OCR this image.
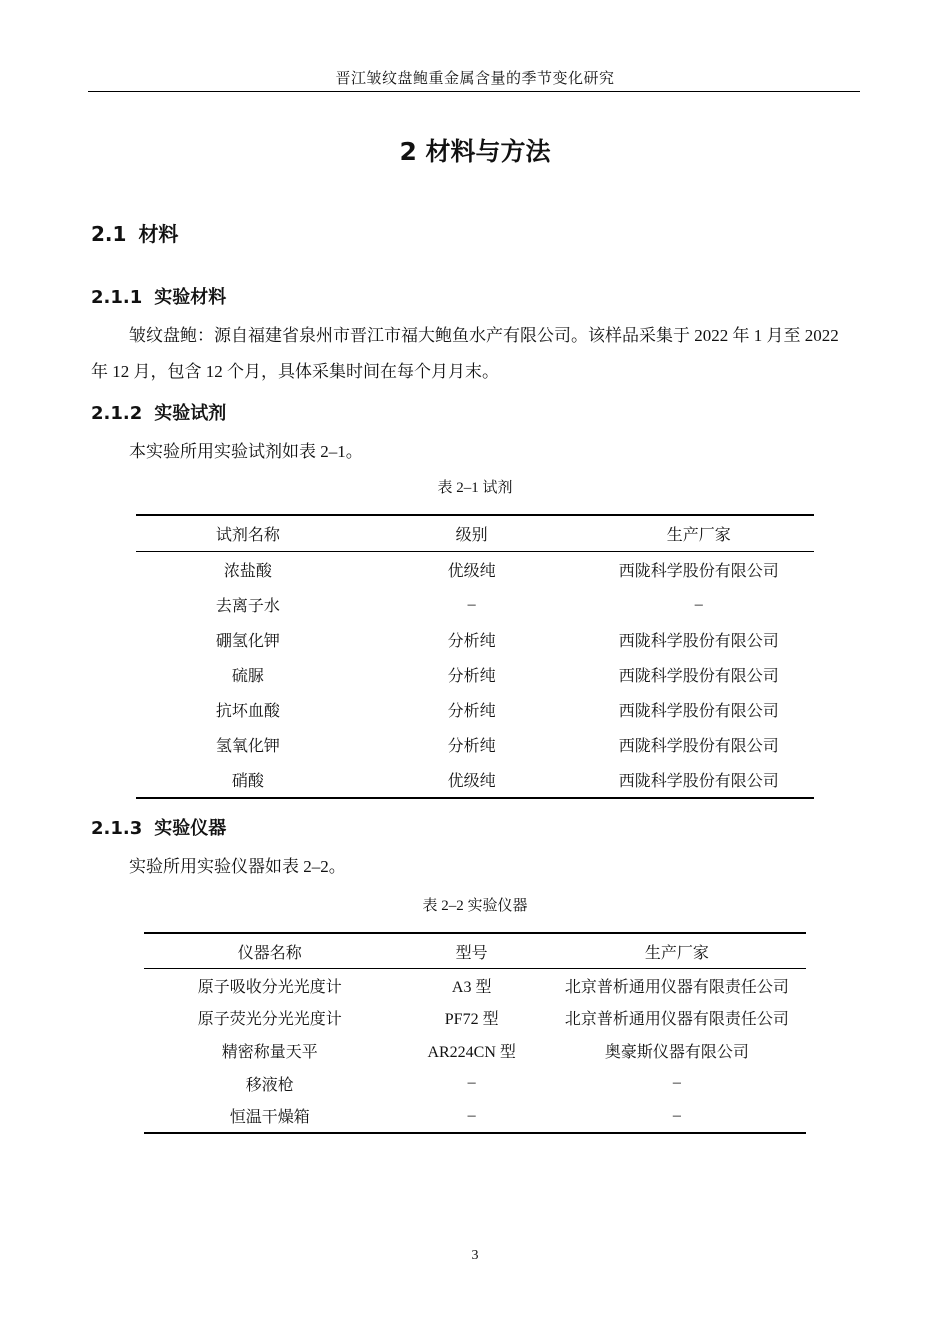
晋江皱纹盘鲍重金属含量的季节变化研究
2 材料与方法
2.1 材料
2.1.1 实验材料

皱纹盘鲍：源自福建省泉州市晋江市福大鲍鱼水产有限公司。该样品采集于 2022 年 1 月至 2022 年 12 月，包含 12 个月，具体采集时间在每个月月末。

2.1.2 实验试剂

本实验所用实验试剂如表 2–1。

表 2–1 试剂
试剂名称	级别	生产厂家
浓盐酸	优级纯	西陇科学股份有限公司
去离子水	–	–
硼氢化钾	分析纯	西陇科学股份有限公司
硫脲	分析纯	西陇科学股份有限公司
抗坏血酸	分析纯	西陇科学股份有限公司
氢氧化钾	分析纯	西陇科学股份有限公司
硝酸	优级纯	西陇科学股份有限公司
2.1.3 实验仪器

实验所用实验仪器如表 2–2。

表 2–2 实验仪器
仪器名称	型号	生产厂家
原子吸收分光光度计	A3 型	北京普析通用仪器有限责任公司
原子荧光分光光度计	PF72 型	北京普析通用仪器有限责任公司
精密称量天平	AR224CN 型	奥豪斯仪器有限公司
移液枪	–	–
恒温干燥箱	–	–
3
